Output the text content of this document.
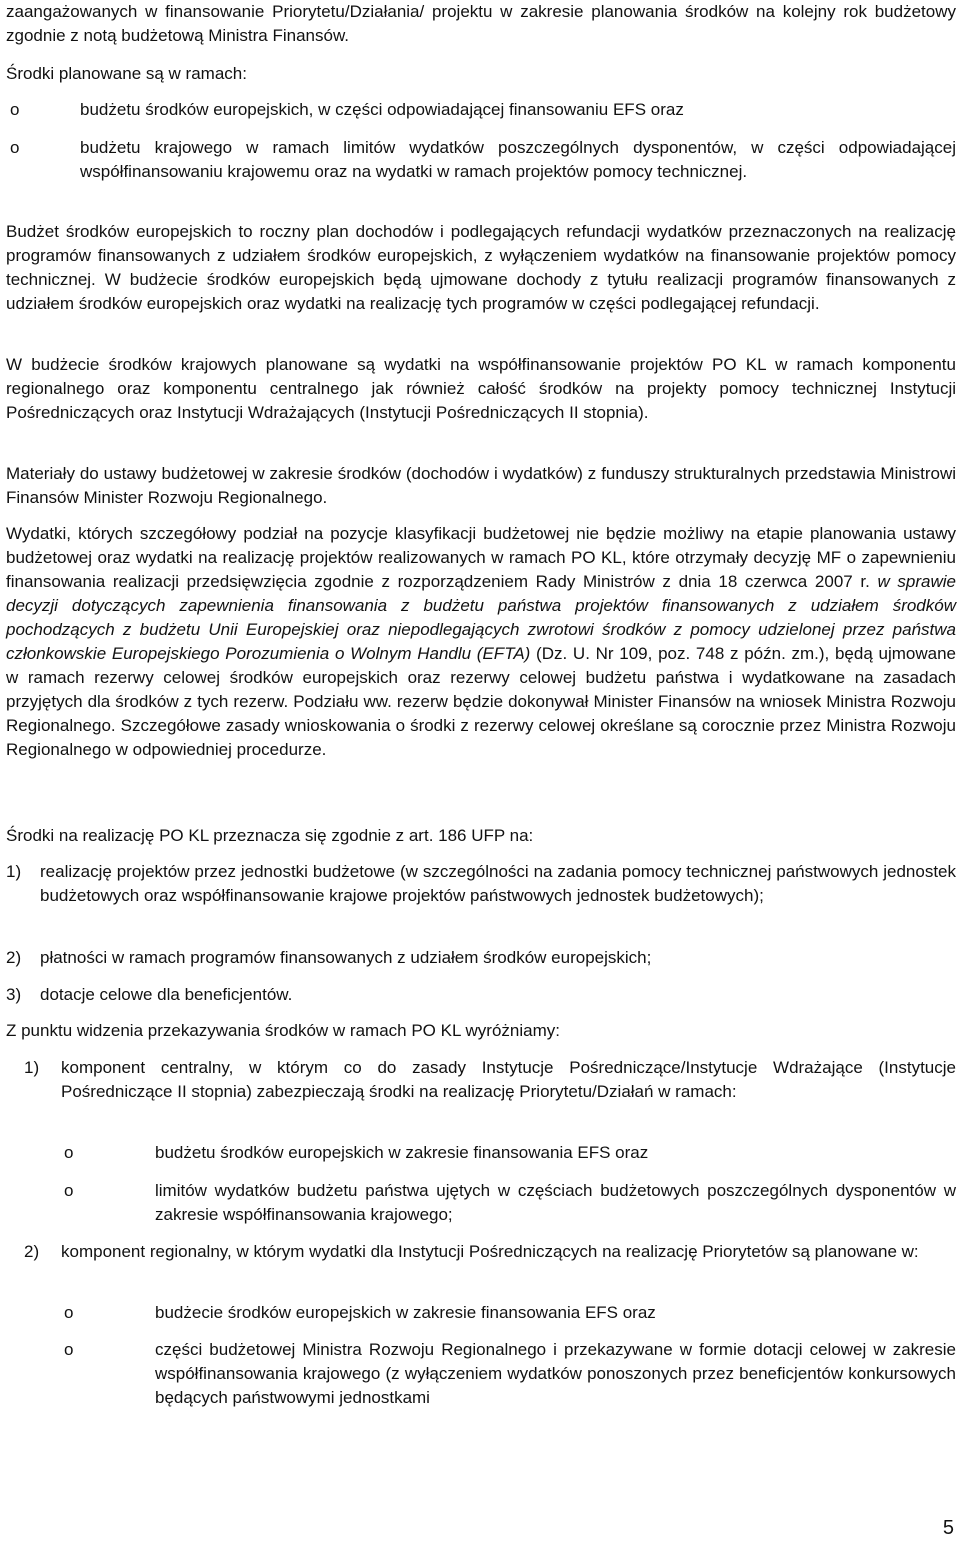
zaangażowanych w finansowanie Priorytetu/Działania/ projektu w zakresie planowania środków na kolejny rok budżetowy zgodnie z notą budżetową Ministra Finansów.

Środki planowane są w ramach:

o	budżetu środków europejskich, w części odpowiadającej finansowaniu EFS oraz
o	budżetu krajowego w ramach limitów wydatków poszczególnych dysponentów, w części odpowiadającej współfinansowaniu krajowemu oraz na wydatki w ramach projektów pomocy technicznej.

Budżet środków europejskich to roczny plan dochodów i podlegających refundacji wydatków przeznaczonych na realizację programów finansowanych z udziałem środków europejskich, z wyłączeniem wydatków na finansowanie projektów pomocy technicznej. W budżecie środków europejskich będą ujmowane dochody z tytułu realizacji programów finansowanych z udziałem środków europejskich oraz wydatki na realizację tych programów w części podlegającej refundacji.

W budżecie środków krajowych planowane są wydatki na współfinansowanie projektów PO KL w ramach komponentu regionalnego oraz komponentu centralnego jak również całość środków na projekty pomocy technicznej Instytucji Pośredniczących oraz Instytucji Wdrażających (Instytucji Pośredniczących II stopnia).

Materiały do ustawy budżetowej w zakresie środków (dochodów i wydatków) z funduszy strukturalnych przedstawia Ministrowi Finansów Minister Rozwoju Regionalnego.

Wydatki, których szczegółowy podział na pozycje klasyfikacji budżetowej nie będzie możliwy na etapie planowania ustawy budżetowej oraz wydatki na realizację projektów realizowanych w ramach PO KL, które otrzymały decyzję MF o zapewnieniu finansowania realizacji przedsięwzięcia zgodnie z rozporządzeniem Rady Ministrów z dnia 18 czerwca 2007 r. w sprawie decyzji dotyczących zapewnienia finansowania z budżetu państwa projektów finansowanych z udziałem środków pochodzących z budżetu Unii Europejskiej oraz niepodlegających zwrotowi środków z pomocy udzielonej przez państwa członkowskie Europejskiego Porozumienia o Wolnym Handlu (EFTA) (Dz. U. Nr 109, poz. 748 z późn. zm.), będą ujmowane w ramach rezerwy celowej środków europejskich oraz rezerwy celowej budżetu państwa i wydatkowane na zasadach przyjętych dla środków z tych rezerw. Podziału ww. rezerw będzie dokonywał Minister Finansów na wniosek Ministra Rozwoju Regionalnego. Szczegółowe zasady wnioskowania o środki z rezerwy celowej określane są corocznie przez Ministra Rozwoju Regionalnego w odpowiedniej procedurze.

Środki na realizację PO KL przeznacza się zgodnie z art. 186 UFP na:

1) realizację projektów przez jednostki budżetowe (w szczególności na zadania pomocy technicznej państwowych jednostek budżetowych oraz współfinansowanie krajowe projektów państwowych jednostek budżetowych);
2) płatności w ramach programów finansowanych z udziałem środków europejskich;
3) dotacje celowe dla beneficjentów.

Z punktu widzenia przekazywania środków w ramach PO KL wyróżniamy:

1) komponent centralny, w którym co do zasady Instytucje Pośredniczące/Instytucje Wdrażające (Instytucje Pośredniczące II stopnia) zabezpieczają środki na realizację Priorytetu/Działań w ramach:
o	budżetu środków europejskich w zakresie finansowania EFS oraz
o	limitów wydatków budżetu państwa ujętych w częściach budżetowych poszczególnych dysponentów w zakresie współfinansowania krajowego;
2) komponent regionalny, w którym wydatki dla Instytucji Pośredniczących na realizację Priorytetów są planowane w:
o	budżecie środków europejskich w zakresie finansowania EFS oraz
o	części budżetowej Ministra Rozwoju Regionalnego i przekazywane w formie dotacji celowej w zakresie współfinansowania krajowego (z wyłączeniem wydatków ponoszonych przez beneficjentów konkursowych będących państwowymi jednostkami
5
